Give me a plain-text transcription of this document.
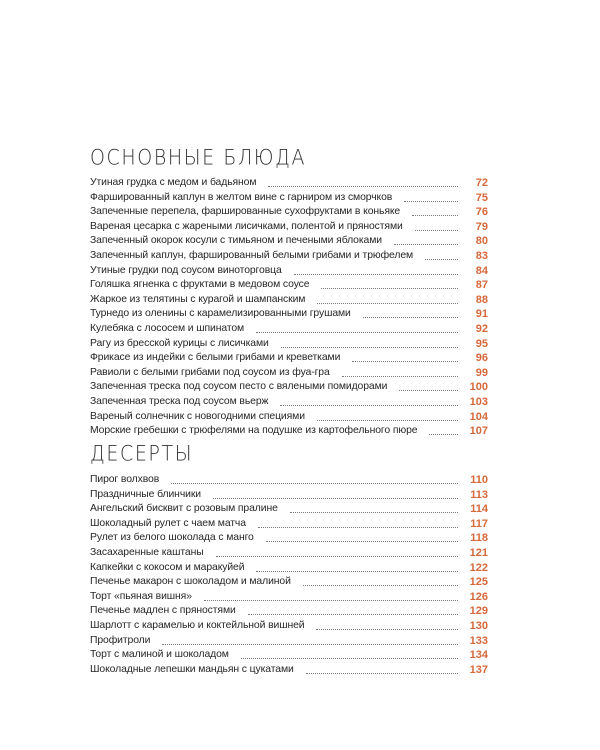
ОСНОВНЫЕ БЛЮДА
Утиная грудка с медом и бадьяном	72
Фаршированный каплун в желтом вине с гарниром из сморчков	75
Запеченные перепела, фаршированные сухофруктами в коньяке	76
Вареная цесарка с жареными лисичками, полентой и пряностями	79
Запеченный окорок косули с тимьяном и печеными яблоками	80
Запеченный каплун, фаршированный белыми грибами и трюфелем	83
Утиные грудки под соусом виноторговца	84
Голяшка ягненка с фруктами в медовом соусе	87
Жаркое из телятины с курагой и шампанским	88
Турнедо из оленины с карамелизированными грушами	91
Кулебяка с лососем и шпинатом	92
Рагу из бресской курицы с лисичками	95
Фрикасе из индейки с белыми грибами и креветками	96
Равиоли с белыми грибами под соусом из фуа-гра	99
Запеченная треска под соусом песто с вялеными помидорами	100
Запеченная треска под соусом вьерж	103
Вареный солнечник с новогодними специями	104
Морские гребешки с трюфелями на подушке из картофельного пюре	107
ДЕСЕРТЫ
Пирог волхвов	110
Праздничные блинчики	113
Ангельский бисквит с розовым пралине	114
Шоколадный рулет с чаем матча	117
Рулет из белого шоколада с манго	118
Засахаренные каштаны	121
Капкейки с кокосом и маракуйей	122
Печенье макарон с шоколадом и малиной	125
Торт «пьяная вишня»	126
Печенье мадлен с пряностями	129
Шарлотт с карамелью и коктейльной вишней	130
Профитроли	133
Торт с малиной и шоколадом	134
Шоколадные лепешки мандьян с цукатами	137
